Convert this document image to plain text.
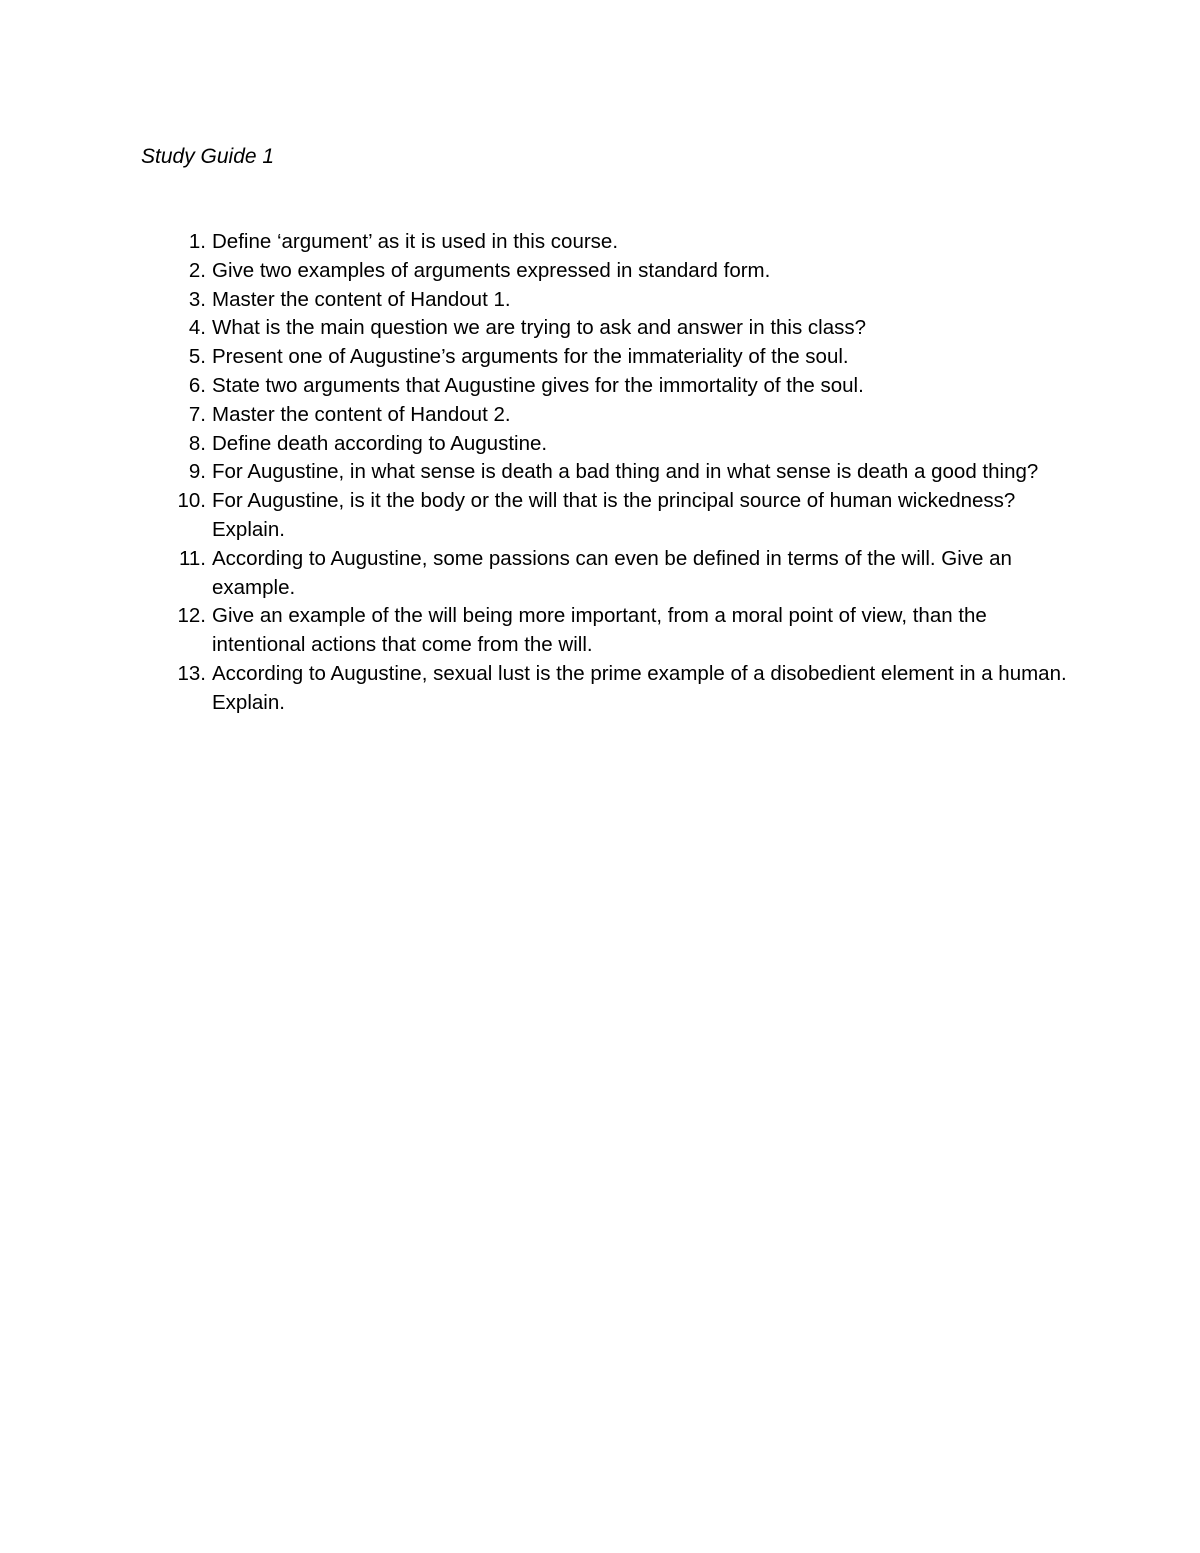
Study Guide 1
1. Define ‘argument’ as it is used in this course.
2. Give two examples of arguments expressed in standard form.
3. Master the content of Handout 1.
4. What is the main question we are trying to ask and answer in this class?
5. Present one of Augustine’s arguments for the immateriality of the soul.
6. State two arguments that Augustine gives for the immortality of the soul.
7. Master the content of Handout 2.
8. Define death according to Augustine.
9. For Augustine, in what sense is death a bad thing and in what sense is death a good thing?
10. For Augustine, is it the body or the will that is the principal source of human wickedness? Explain.
11. According to Augustine, some passions can even be defined in terms of the will. Give an example.
12. Give an example of the will being more important, from a moral point of view, than the intentional actions that come from the will.
13. According to Augustine, sexual lust is the prime example of a disobedient element in a human. Explain.
